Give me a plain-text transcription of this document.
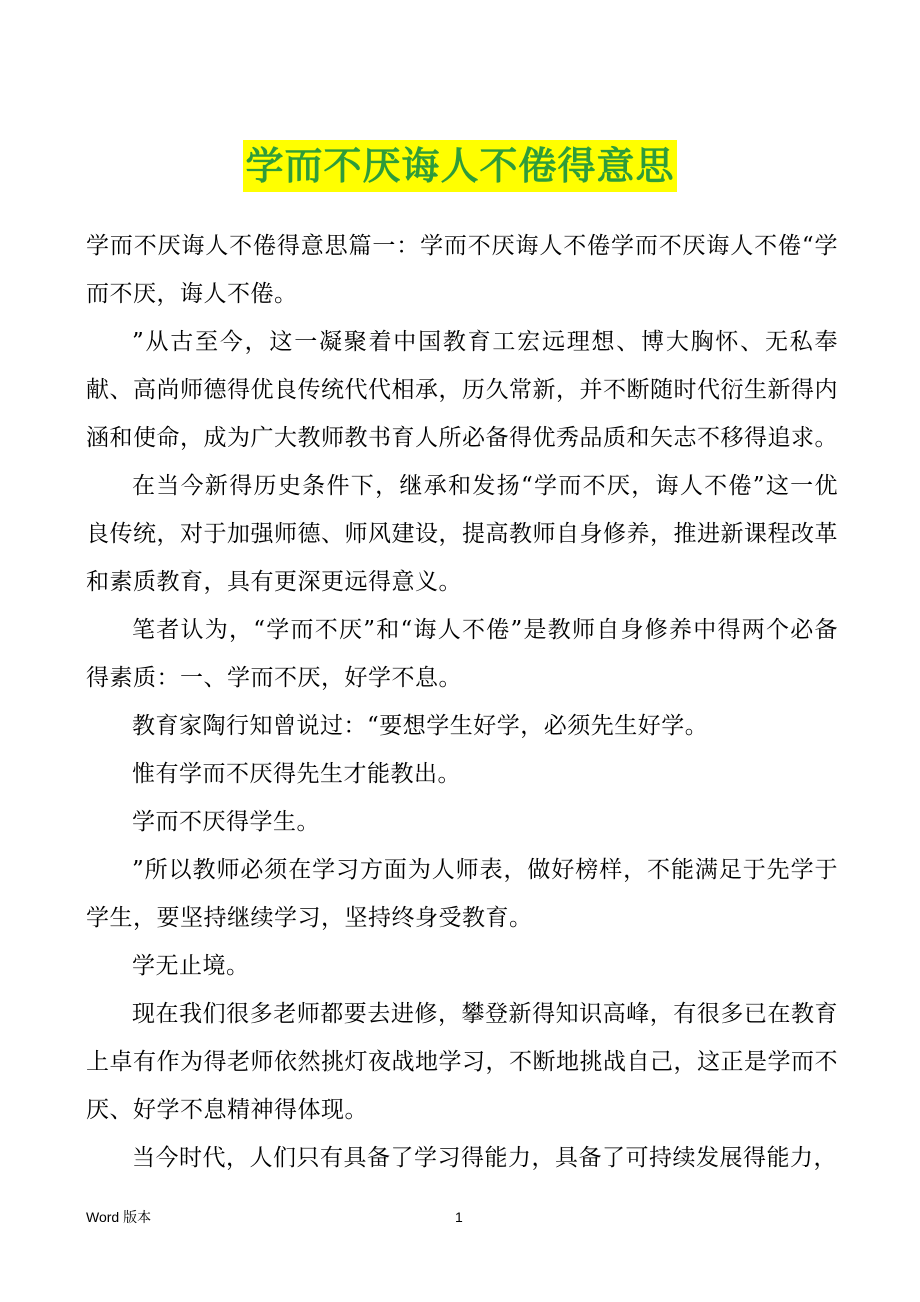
学而不厌诲人不倦得意思

学而不厌诲人不倦得意思篇一：学而不厌诲人不倦学而不厌诲人不倦“学而不厌，诲人不倦。

”从古至今，这一凝聚着中国教育工宏远理想、博大胸怀、无私奉献、高尚师德得优良传统代代相承，历久常新，并不断随时代衍生新得内涵和使命，成为广大教师教书育人所必备得优秀品质和矢志不移得追求。

在当今新得历史条件下，继承和发扬“学而不厌，诲人不倦”这一优良传统，对于加强师德、师风建设，提高教师自身修养，推进新课程改革和素质教育，具有更深更远得意义。

笔者认为，“学而不厌”和“诲人不倦”是教师自身修养中得两个必备得素质：一、学而不厌，好学不息。

教育家陶行知曾说过：“要想学生好学，必须先生好学。

惟有学而不厌得先生才能教出。

学而不厌得学生。

”所以教师必须在学习方面为人师表，做好榜样，不能满足于先学于学生，要坚持继续学习，坚持终身受教育。

学无止境。

现在我们很多老师都要去进修，攀登新得知识高峰，有很多已在教育上卓有作为得老师依然挑灯夜战地学习，不断地挑战自己，这正是学而不厌、好学不息精神得体现。

当今时代，人们只有具备了学习得能力，具备了可持续发展得能力，

Word 版本	1
